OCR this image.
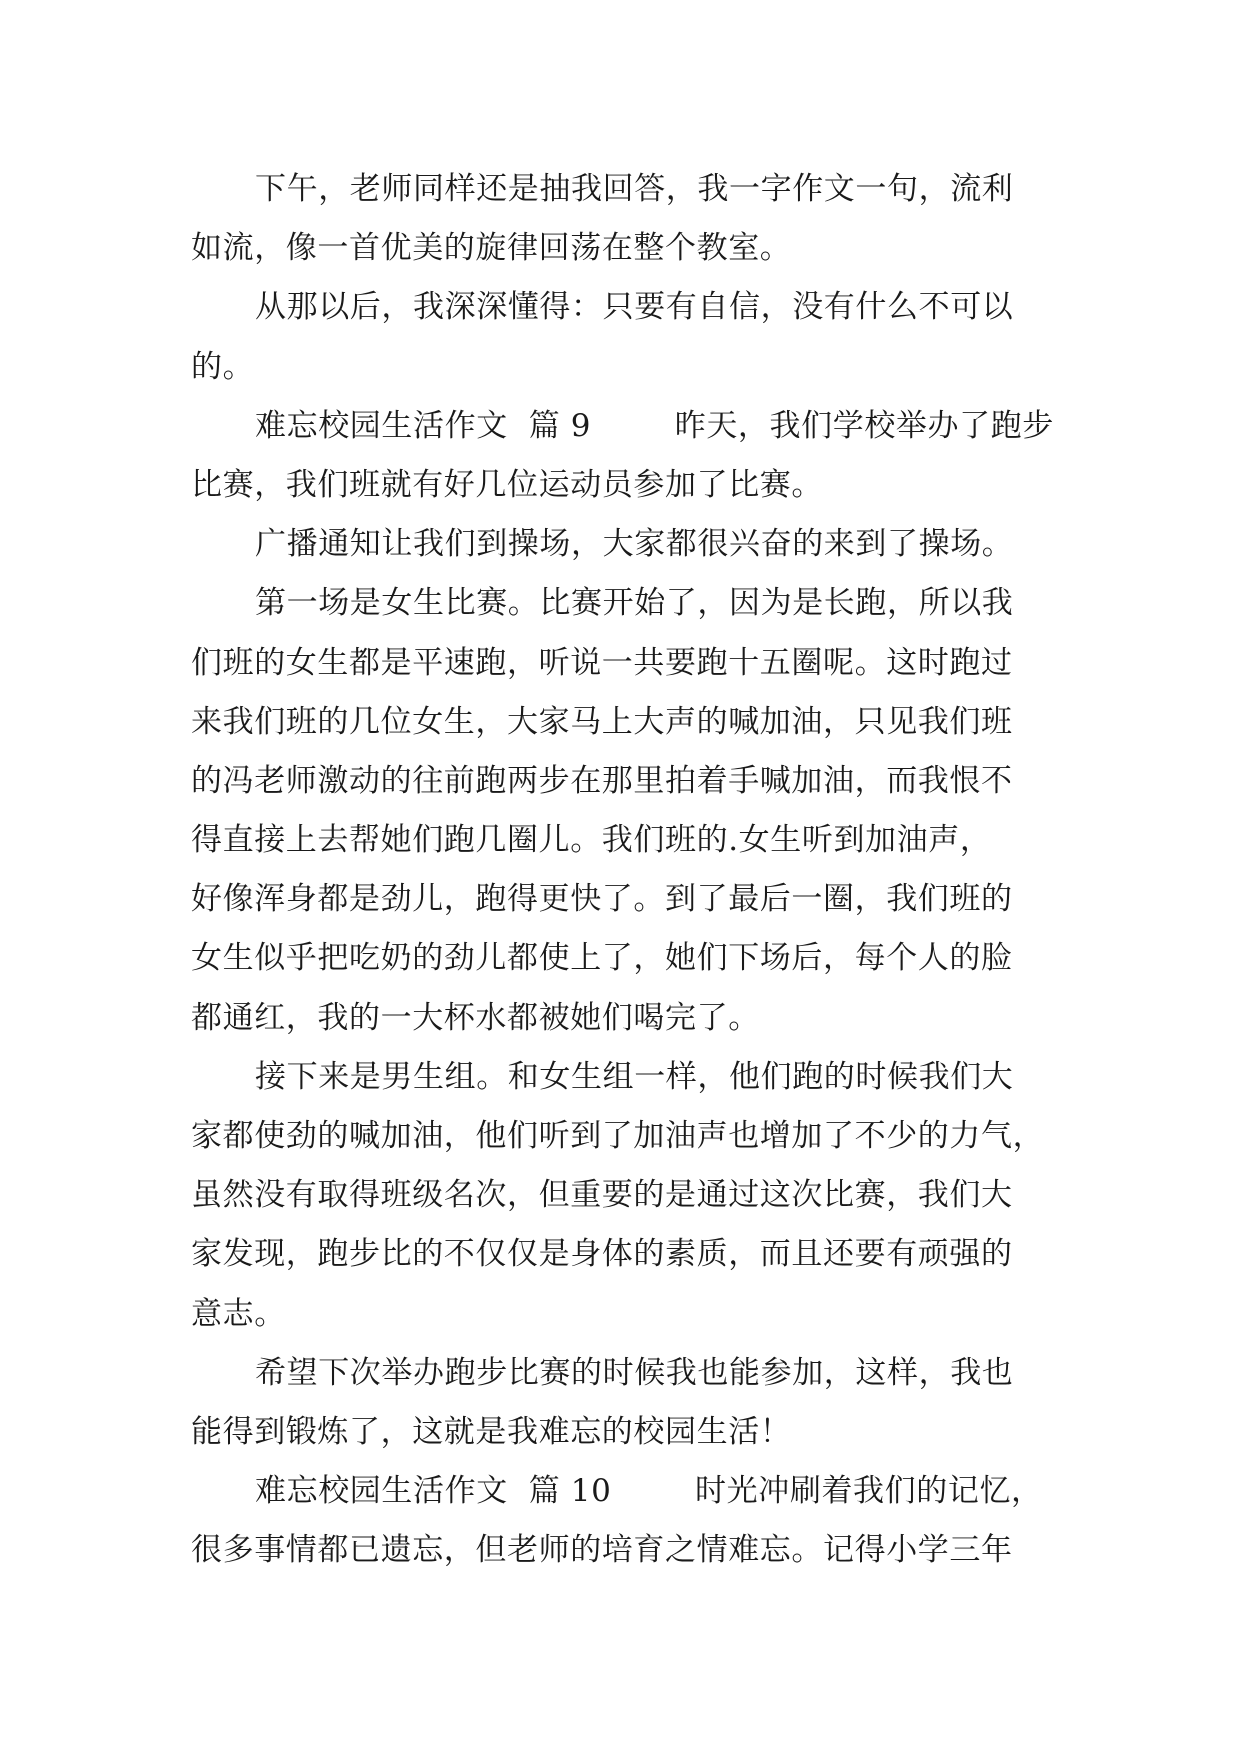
下午，老师同样还是抽我回答，我一字作文一句，流利
如流，像一首优美的旋律回荡在整个教室。
从那以后，我深深懂得：只要有自信，没有什么不可以
的。
难忘校园生活作文  篇 9        昨天，我们学校举办了跑步
比赛，我们班就有好几位运动员参加了比赛。
广播通知让我们到操场，大家都很兴奋的来到了操场。
第一场是女生比赛。比赛开始了，因为是长跑，所以我
们班的女生都是平速跑，听说一共要跑十五圈呢。这时跑过
来我们班的几位女生，大家马上大声的喊加油，只见我们班
的冯老师激动的往前跑两步在那里拍着手喊加油，而我恨不
得直接上去帮她们跑几圈儿。我们班的.女生听到加油声，
好像浑身都是劲儿，跑得更快了。到了最后一圈，我们班的
女生似乎把吃奶的劲儿都使上了，她们下场后，每个人的脸
都通红，我的一大杯水都被她们喝完了。
接下来是男生组。和女生组一样，他们跑的时候我们大
家都使劲的喊加油，他们听到了加油声也增加了不少的力气，
虽然没有取得班级名次，但重要的是通过这次比赛，我们大
家发现，跑步比的不仅仅是身体的素质，而且还要有顽强的
意志。
希望下次举办跑步比赛的时候我也能参加，这样，我也
能得到锻炼了，这就是我难忘的校园生活！
难忘校园生活作文  篇 10        时光冲刷着我们的记忆，
很多事情都已遗忘，但老师的培育之情难忘。记得小学三年
